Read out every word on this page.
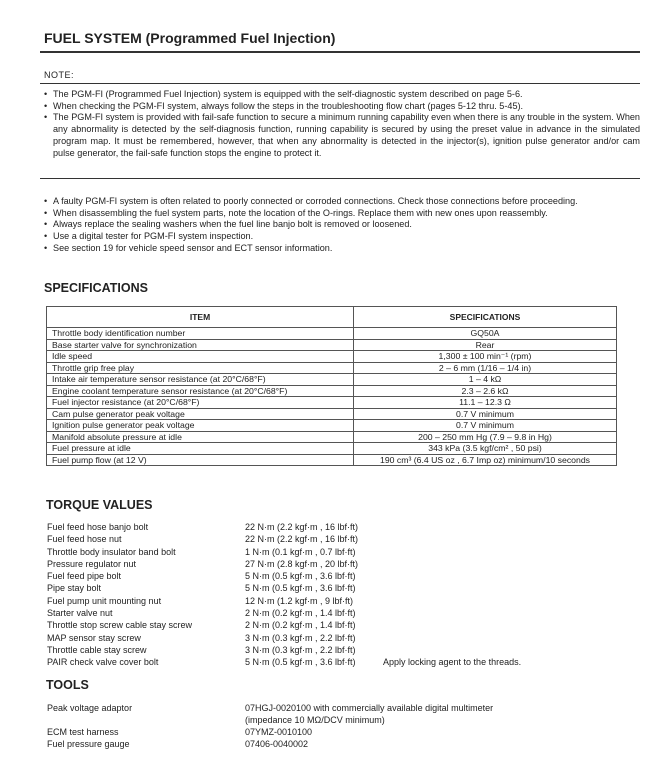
FUEL SYSTEM (Programmed Fuel Injection)
NOTE:
• The PGM-FI (Programmed Fuel Injection) system is equipped with the self-diagnostic system described on page 5-6.
• When checking the PGM-FI system, always follow the steps in the troubleshooting flow chart (pages 5-12 thru. 5-45).
• The PGM-FI system is provided with fail-safe function to secure a minimum running capability even when there is any trouble in the system. When any abnormality is detected by the self-diagnosis function, running capability is secured by using the preset value in advance in the simulated program map. It must be remembered, however, that when any abnormality is detected in the injector(s), ignition pulse generator and/or cam pulse generator, the fail-safe function stops the engine to protect it.
• A faulty PGM-FI system is often related to poorly connected or corroded connections. Check those connections before proceeding.
• When disassembling the fuel system parts, note the location of the O-rings. Replace them with new ones upon reassembly.
• Always replace the sealing washers when the fuel line banjo bolt is removed or loosened.
• Use a digital tester for PGM-FI system inspection.
• See section 19 for vehicle speed sensor and ECT sensor information.
SPECIFICATIONS
ITEM	SPECIFICATIONS
Throttle body identification number	GQ50A
Base starter valve for synchronization	Rear
Idle speed	1,300 ± 100 min⁻¹ (rpm)
Throttle grip free play	2 – 6 mm (1/16 – 1/4 in)
Intake air temperature sensor resistance (at 20°C/68°F)	1 – 4 kΩ
Engine coolant temperature sensor resistance (at 20°C/68°F)	2.3 – 2.6 kΩ
Fuel injector resistance (at 20°C/68°F)	11.1 – 12.3 Ω
Cam pulse generator peak voltage	0.7 V minimum
Ignition pulse generator peak voltage	0.7 V minimum
Manifold absolute pressure at idle	200 – 250 mm Hg (7.9 – 9.8 in Hg)
Fuel pressure at idle	343 kPa (3.5 kgf/cm² , 50 psi)
Fuel pump flow (at 12 V)	190 cm³ (6.4 US oz , 6.7 Imp oz) minimum/10 seconds
TORQUE VALUES
Fuel feed hose banjo bolt	22 N·m (2.2 kgf·m , 16 lbf·ft)
Fuel feed hose nut	22 N·m (2.2 kgf·m , 16 lbf·ft)
Throttle body insulator band bolt	1 N·m (0.1 kgf·m , 0.7 lbf·ft)
Pressure regulator nut	27 N·m (2.8 kgf·m , 20 lbf·ft)
Fuel feed pipe bolt	5 N·m (0.5 kgf·m , 3.6 lbf·ft)
Pipe stay bolt	5 N·m (0.5 kgf·m , 3.6 lbf·ft)
Fuel pump unit mounting nut	12 N·m (1.2 kgf·m , 9 lbf·ft)
Starter valve nut	2 N·m (0.2 kgf·m , 1.4 lbf·ft)
Throttle stop screw cable stay screw	2 N·m (0.2 kgf·m , 1.4 lbf·ft)
MAP sensor stay screw	3 N·m (0.3 kgf·m , 2.2 lbf·ft)
Throttle cable stay screw	3 N·m (0.3 kgf·m , 2.2 lbf·ft)
PAIR check valve cover bolt	5 N·m (0.5 kgf·m , 3.6 lbf·ft)	Apply locking agent to the threads.
TOOLS
Peak voltage adaptor	07HGJ-0020100 with commercially available digital multimeter
(impedance 10 MΩ/DCV minimum)
ECM test harness	07YMZ-0010100
Fuel pressure gauge	07406-0040002
